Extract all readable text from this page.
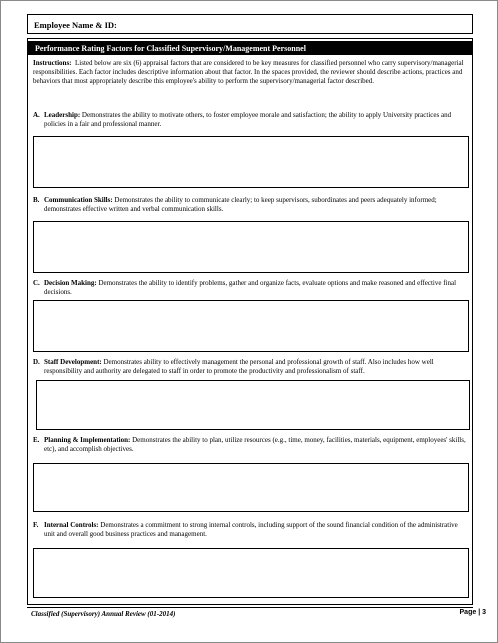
Employee Name & ID:
Performance Rating Factors for Classified Supervisory/Management Personnel
Instructions: Listed below are six (6) appraisal factors that are considered to be key measures for classified personnel who carry supervisory/managerial responsibilities. Each factor includes descriptive information about that factor. In the spaces provided, the reviewer should describe actions, practices and behaviors that most appropriately describe this employee's ability to perform the supervisory/managerial factor described.
A. Leadership: Demonstrates the ability to motivate others, to foster employee morale and satisfaction; the ability to apply University practices and policies in a fair and professional manner.
B. Communication Skills: Demonstrates the ability to communicate clearly; to keep supervisors, subordinates and peers adequately informed; demonstrates effective written and verbal communication skills.
C. Decision Making: Demonstrates the ability to identify problems, gather and organize facts, evaluate options and make reasoned and effective final decisions.
D. Staff Development: Demonstrates ability to effectively management the personal and professional growth of staff. Also includes how well responsibility and authority are delegated to staff in order to promote the productivity and professionalism of staff.
E. Planning & Implementation: Demonstrates the ability to plan, utilize resources (e.g., time, money, facilities, materials, equipment, employees' skills, etc), and accomplish objectives.
F. Internal Controls: Demonstrates a commitment to strong internal controls, including support of the sound financial condition of the administrative unit and overall good business practices and management.
Classified (Supervisory) Annual Review (01-2014)	Page | 3
